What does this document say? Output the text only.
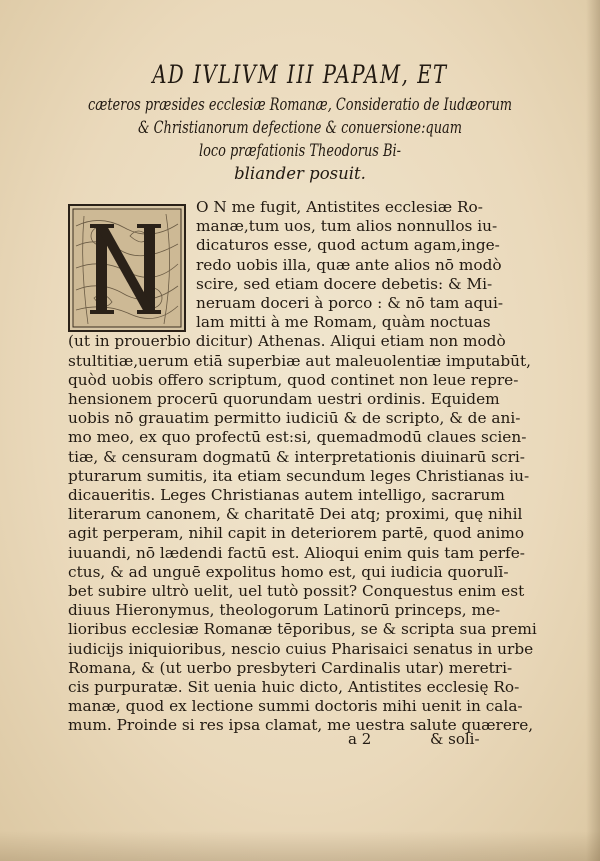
AD IVLIVM III PAPAM, ET
cæteros præsides ecclesiæ Romanæ, Consideratio de Iudæorum
& Christianorum defectione & conuersione:quam
loco præfationis Theodorus Bi-
bliander posuit.
O N me fugit, Antistites ecclesiæ Ro-
manæ,tum uos, tum alios nonnullos iu-
dicaturos esse, quod actum agam,inge-
redo uobis illa, quæ ante alios nō modò
scire, sed etiam docere debetis: & Mi-
neruam doceri à porco : & nō tam aqui-
lam mitti à me Romam, quàm noctuas
(ut in prouerbio dicitur) Athenas. Aliqui etiam non modò
stultitiæ,uerum etiā superbiæ aut maleuolentiæ imputabūt,
quòd uobis offero scriptum, quod continet non leue repre-
hensionem procerū quorundam uestri ordinis. Equidem
uobis nō grauatim permitto iudiciū & de scripto, & de ani-
mo meo, ex quo profectū est:si, quemadmodū claues scien-
tiæ, & censuram dogmatū & interpretationis diuinarū scri-
pturarum sumitis, ita etiam secundum leges Christianas iu-
dicaueritis. Leges Christianas autem intelligo, sacrarum
literarum canonem, & charitatē Dei atq; proximi, quę nihil
agit perperam, nihil capit in deteriorem partē, quod animo
iuuandi, nō lædendi factū est. Alioqui enim quis tam perfe-
ctus, & ad unguē expolitus homo est, qui iudicia quorulī-
bet subire ultrò uelit, uel tutò possit? Conquestus enim est
diuus Hieronymus, theologorum Latinorū princeps, me-
lioribus ecclesiæ Romanæ tēporibus, se & scripta sua premi
iudicijs iniquioribus, nescio cuius Pharisaici senatus in urbe
Romana, & (ut uerbo presbyteri Cardinalis utar) meretri-
cis purpuratæ. Sit uenia huic dicto, Antistites ecclesię Ro-
manæ, quod ex lectione summi doctoris mihi uenit in cala-
mum. Proinde si res ipsa clamat, me uestra salute quærere,
a 2	& soli-
